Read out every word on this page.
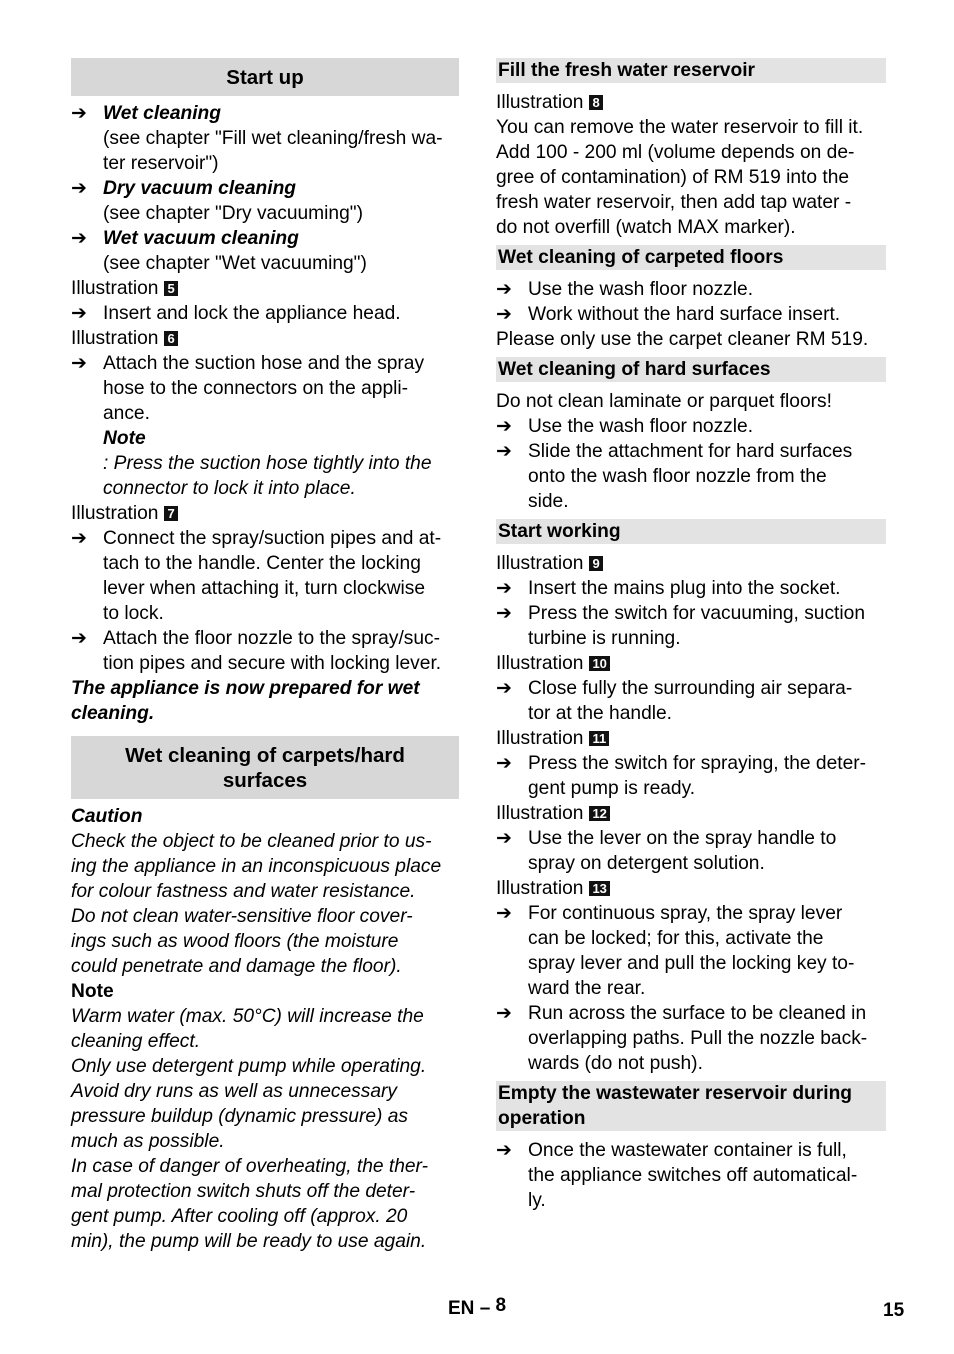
Start up
➔ Wet cleaning
(see chapter "Fill wet cleaning/fresh wa-
ter reservoir")
➔ Dry vacuum cleaning
(see chapter "Dry vacuuming")
➔ Wet vacuum cleaning
(see chapter "Wet vacuuming")
Illustration 5
➔ Insert and lock the appliance head.
Illustration 6
➔ Attach the suction hose and the spray
hose to the connectors on the appli-
ance.
Note
: Press the suction hose tightly into the
connector to lock it into place.
Illustration 7
➔ Connect the spray/suction pipes and at-
tach to the handle. Center the locking
lever when attaching it, turn clockwise
to lock.
➔ Attach the floor nozzle to the spray/suc-
tion pipes and secure with locking lever.
The appliance is now prepared for wet
cleaning.
Wet cleaning of carpets/hard
surfaces
Caution
Check the object to be cleaned prior to us-
ing the appliance in an inconspicuous place
for colour fastness and water resistance.
Do not clean water-sensitive floor cover-
ings such as wood floors (the moisture
could penetrate and damage the floor).
Note
Warm water (max. 50°C) will increase the
cleaning effect.
Only use detergent pump while operating.
Avoid dry runs as well as unnecessary
pressure buildup (dynamic pressure) as
much as possible.
In case of danger of overheating, the ther-
mal protection switch shuts off the deter-
gent pump. After cooling off (approx. 20
min), the pump will be ready to use again.
Fill the fresh water reservoir
Illustration 8
You can remove the water reservoir to fill it.
Add 100 - 200 ml (volume depends on de-
gree of contamination) of RM 519 into the
fresh water reservoir, then add tap water -
do not overfill (watch MAX marker).
Wet cleaning of carpeted floors
➔ Use the wash floor nozzle.
➔ Work without the hard surface insert.
Please only use the carpet cleaner RM 519.
Wet cleaning of hard surfaces
Do not clean laminate or parquet floors!
➔ Use the wash floor nozzle.
➔ Slide the attachment for hard surfaces
onto the wash floor nozzle from the
side.
Start working
Illustration 9
➔ Insert the mains plug into the socket.
➔ Press the switch for vacuuming, suction
turbine is running.
Illustration 10
➔ Close fully the surrounding air separa-
tor at the handle.
Illustration 11
➔ Press the switch for spraying, the deter-
gent pump is ready.
Illustration 12
➔ Use the lever on the spray handle to
spray on detergent solution.
Illustration 13
➔ For continuous spray, the spray lever
can be locked; for this, activate the
spray lever and pull the locking key to-
ward the rear.
➔ Run across the surface to be cleaned in
overlapping paths. Pull the nozzle back-
wards (do not push).
Empty the wastewater reservoir during
operation
➔ Once the wastewater container is full,
the appliance switches off automatical-
ly.
EN – 8	15
